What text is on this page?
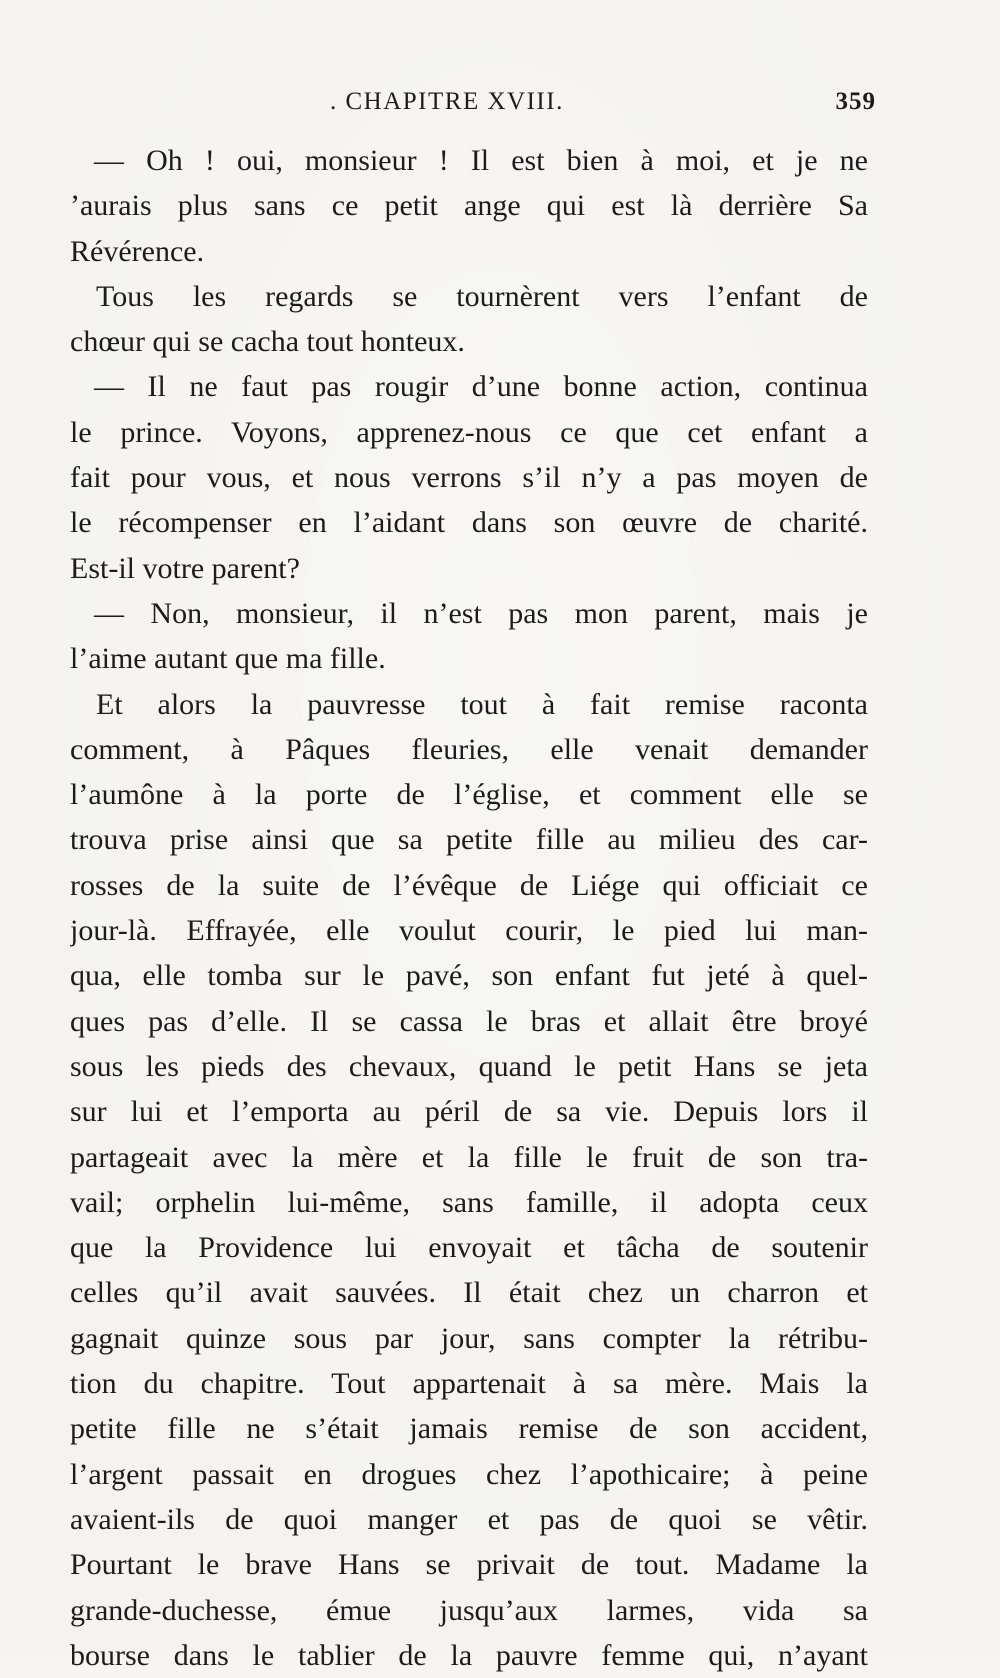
. CHAPITRE XVIII.	359
— Oh ! oui, monsieur ! Il est bien à moi, et je ne
’aurais plus sans ce petit ange qui est là derrière Sa
Révérence.
Tous les regards se tournèrent vers l’enfant de
chœur qui se cacha tout honteux.
— Il ne faut pas rougir d’une bonne action, continua
le prince. Voyons, apprenez-nous ce que cet enfant a
fait pour vous, et nous verrons s’il n’y a pas moyen de
le récompenser en l’aidant dans son œuvre de charité.
Est-il votre parent?
— Non, monsieur, il n’est pas mon parent, mais je
l’aime autant que ma fille.
Et alors la pauvresse tout à fait remise raconta
comment, à Pâques fleuries, elle venait demander
l’aumône à la porte de l’église, et comment elle se
trouva prise ainsi que sa petite fille au milieu des car-
rosses de la suite de l’évêque de Liége qui officiait ce
jour-là. Effrayée, elle voulut courir, le pied lui man-
qua, elle tomba sur le pavé, son enfant fut jeté à quel-
ques pas d’elle. Il se cassa le bras et allait être broyé
sous les pieds des chevaux, quand le petit Hans se jeta
sur lui et l’emporta au péril de sa vie. Depuis lors il
partageait avec la mère et la fille le fruit de son tra-
vail; orphelin lui-même, sans famille, il adopta ceux
que la Providence lui envoyait et tâcha de soutenir
celles qu’il avait sauvées. Il était chez un charron et
gagnait quinze sous par jour, sans compter la rétribu-
tion du chapitre. Tout appartenait à sa mère. Mais la
petite fille ne s’était jamais remise de son accident,
l’argent passait en drogues chez l’apothicaire; à peine
avaient-ils de quoi manger et pas de quoi se vêtir.
Pourtant le brave Hans se privait de tout. Madame la
grande-duchesse, émue jusqu’aux larmes, vida sa
bourse dans le tablier de la pauvre femme qui, n’ayant
